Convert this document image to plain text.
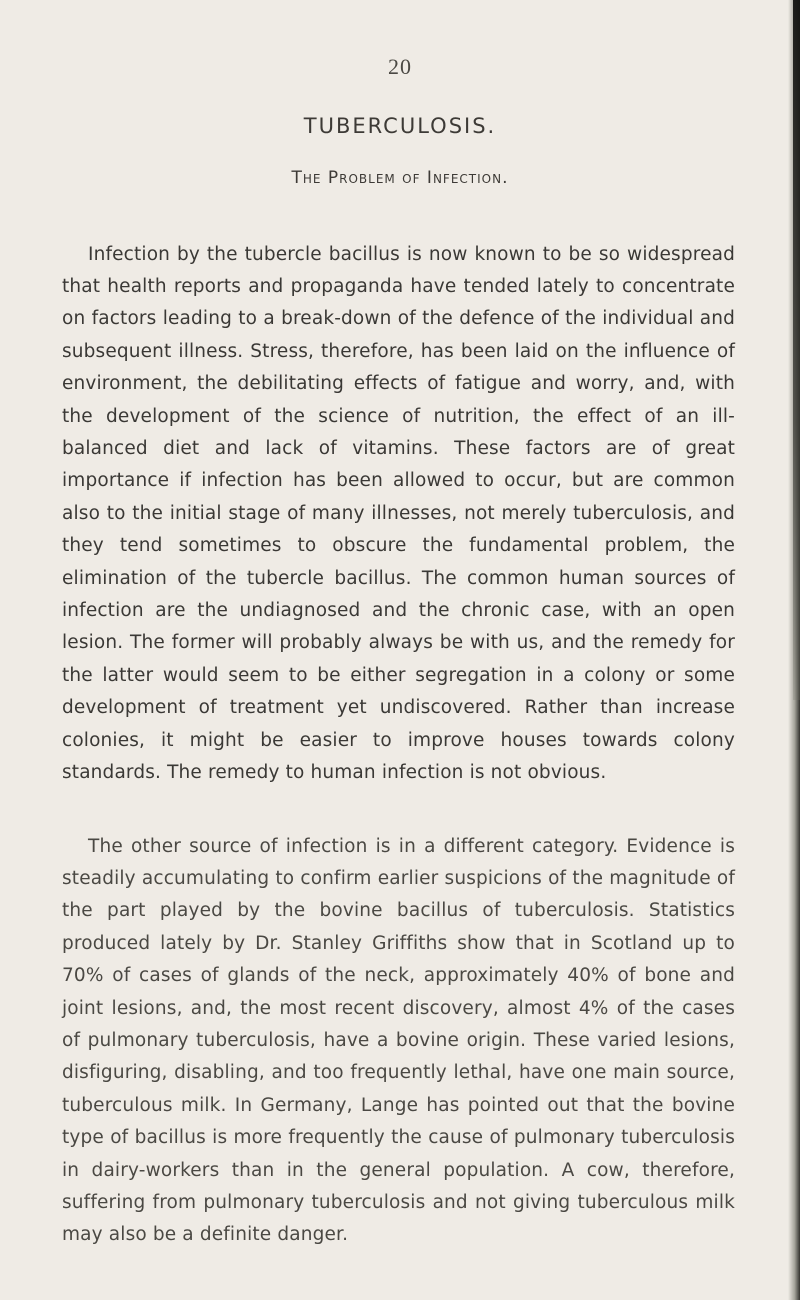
20
TUBERCULOSIS.
The Problem of Infection.

Infection by the tubercle bacillus is now known to be so widespread that health reports and propaganda have tended lately to concentrate on factors leading to a break-down of the defence of the individual and subsequent illness. Stress, therefore, has been laid on the influence of environment, the debilitating effects of fatigue and worry, and, with the development of the science of nutrition, the effect of an ill-balanced diet and lack of vitamins. These factors are of great importance if infection has been allowed to occur, but are common also to the initial stage of many illnesses, not merely tuberculosis, and they tend sometimes to obscure the fundamental problem, the elimination of the tubercle bacillus. The common human sources of infection are the undiagnosed and the chronic case, with an open lesion. The former will probably always be with us, and the remedy for the latter would seem to be either segregation in a colony or some development of treatment yet undiscovered. Rather than increase colonies, it might be easier to improve houses towards colony standards. The remedy to human infection is not obvious.

The other source of infection is in a different category. Evidence is steadily accumulating to confirm earlier suspicions of the magnitude of the part played by the bovine bacillus of tuberculosis. Statistics produced lately by Dr. Stanley Griffiths show that in Scotland up to 70% of cases of glands of the neck, approximately 40% of bone and joint lesions, and, the most recent discovery, almost 4% of the cases of pulmonary tuberculosis, have a bovine origin. These varied lesions, disfiguring, disabling, and too frequently lethal, have one main source, tuberculous milk. In Germany, Lange has pointed out that the bovine type of bacillus is more frequently the cause of pulmonary tuberculosis in dairy-workers than in the general population. A cow, therefore, suffering from pulmonary tuberculosis and not giving tuberculous milk may also be a definite danger.
